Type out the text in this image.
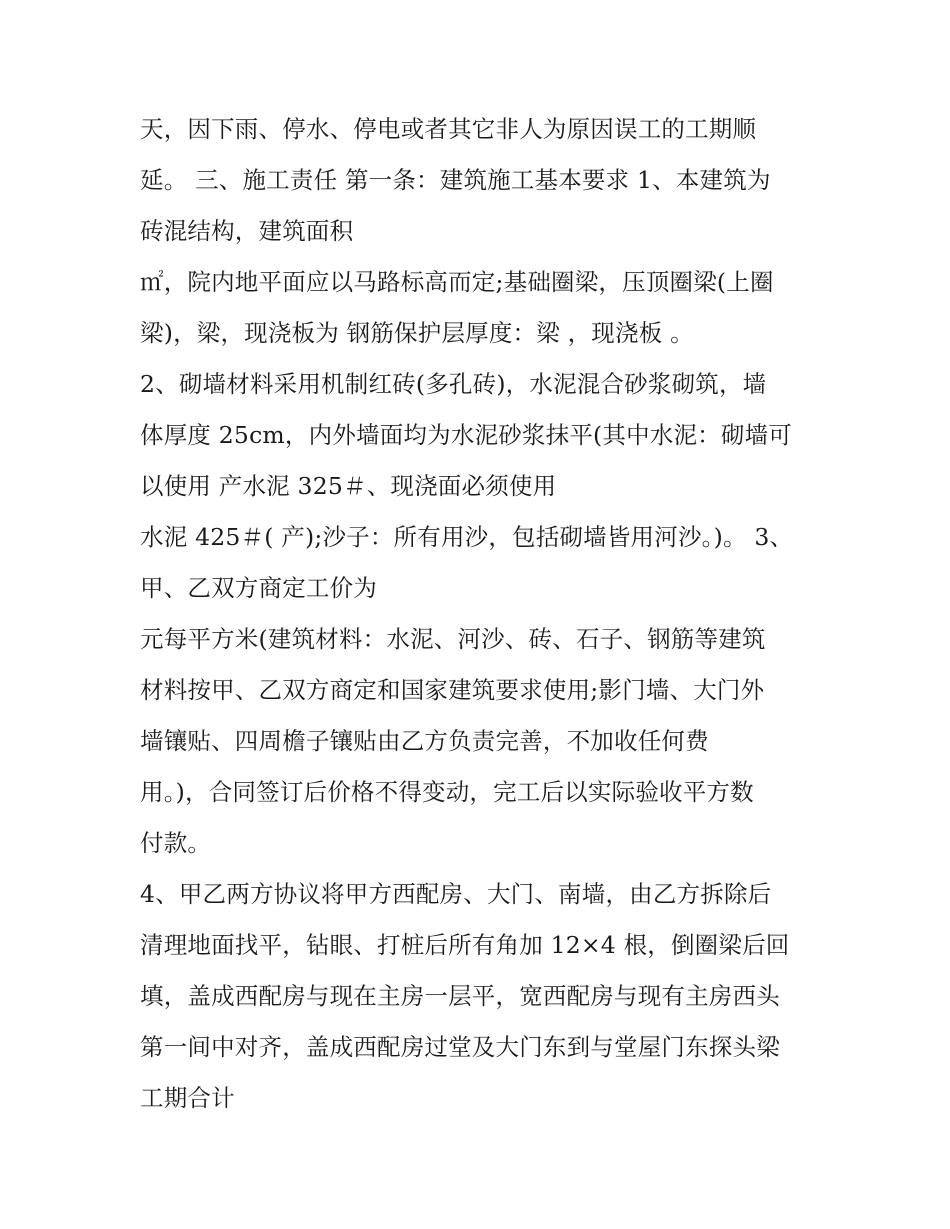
天，因下雨、停水、停电或者其它非人为原因误工的工期顺
延。 三、施工责任 第一条：建筑施工基本要求 1、本建筑为
砖混结构，建筑面积
㎡，院内地平面应以马路标高而定;基础圈梁，压顶圈梁(上圈
梁)，梁，现浇板为 钢筋保护层厚度：梁 ，现浇板 。
2、砌墙材料采用机制红砖(多孔砖)，水泥混合砂浆砌筑，墙
体厚度 25cm，内外墙面均为水泥砂浆抹平(其中水泥：砌墙可
以使用 产水泥 325＃、现浇面必须使用
水泥 425＃( 产);沙子：所有用沙，包括砌墙皆用河沙。)。 3、
甲、乙双方商定工价为
元每平方米(建筑材料：水泥、河沙、砖、石子、钢筋等建筑
材料按甲、乙双方商定和国家建筑要求使用;影门墙、大门外
墙镶贴、四周檐子镶贴由乙方负责完善，不加收任何费
用。)，合同签订后价格不得变动，完工后以实际验收平方数
付款。
4、甲乙两方协议将甲方西配房、大门、南墙，由乙方拆除后
清理地面找平，钻眼、打桩后所有角加 12×4 根，倒圈梁后回
填，盖成西配房与现在主房一层平，宽西配房与现有主房西头
第一间中对齐，盖成西配房过堂及大门东到与堂屋门东探头梁
工期合计
